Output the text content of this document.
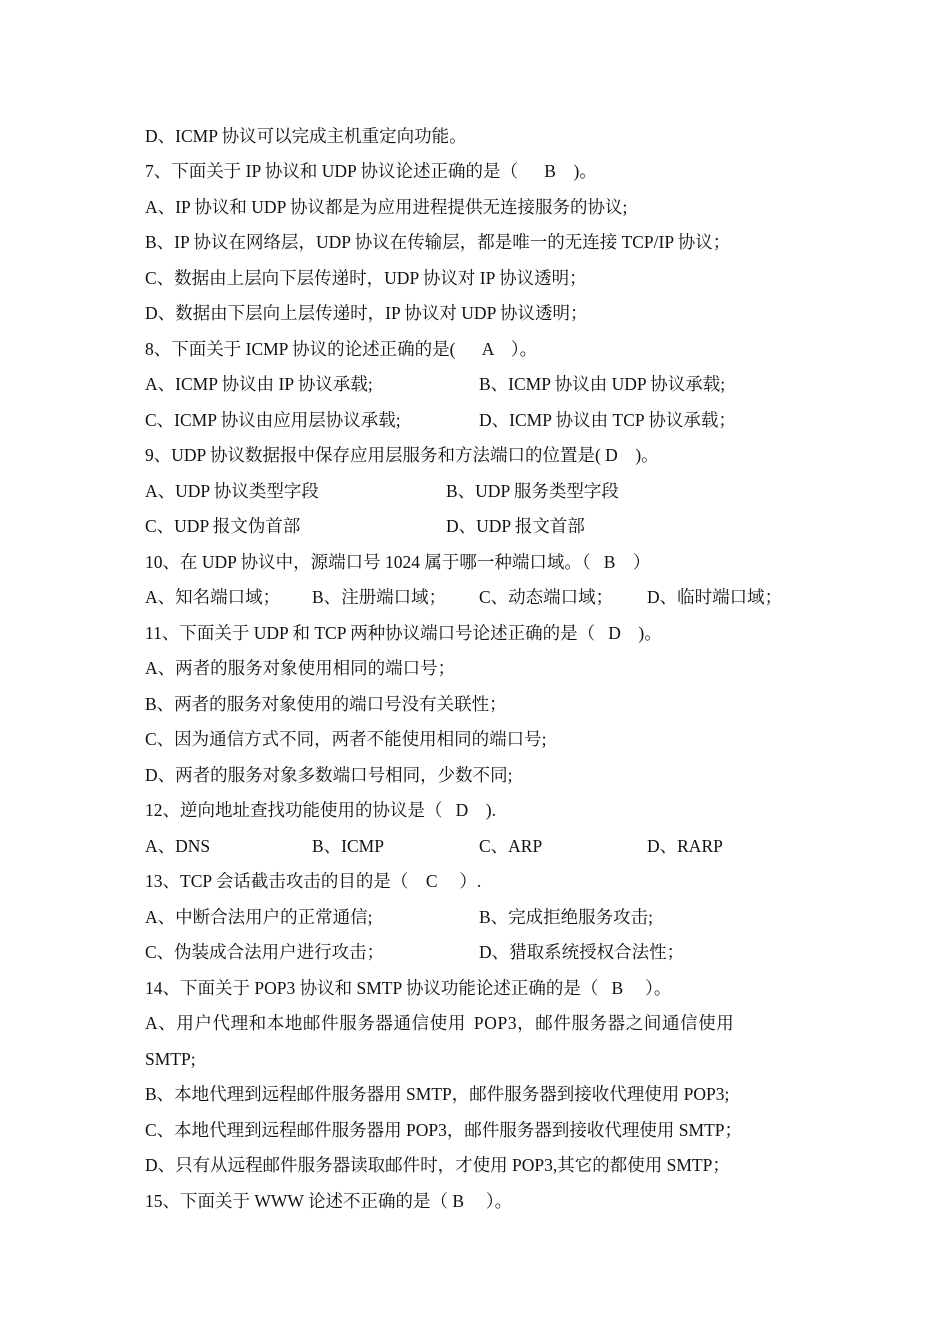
D、ICMP 协议可以完成主机重定向功能。
7、下面关于 IP 协议和 UDP 协议论述正确的是（      B    )。
A、IP 协议和 UDP 协议都是为应用进程提供无连接服务的协议;
B、IP 协议在网络层，UDP 协议在传输层，都是唯一的无连接 TCP/IP 协议；
C、数据由上层向下层传递时，UDP 协议对 IP 协议透明；
D、数据由下层向上层传递时，IP 协议对 UDP 协议透明；
8、下面关于 ICMP 协议的论述正确的是(      A    ）。

A、ICMP 协议由 IP 协议承载;

	B、ICMP 协议由 UDP 协议承载;

C、ICMP 协议由应用层协议承载;

	D、ICMP 协议由 TCP 协议承载；

9、UDP 协议数据报中保存应用层服务和方法端口的位置是( D    )。

A、UDP 协议类型字段

	B、UDP 服务类型字段

C、UDP 报文伪首部

	D、UDP 报文首部

10、在 UDP 协议中，源端口号 1024 属于哪一种端口域。（   B    ）

A、知名端口域；

B、注册端口域；

C、动态端口域；

D、临时端口域；

11、下面关于 UDP 和 TCP 两种协议端口号论述正确的是（   D    )。
A、两者的服务对象使用相同的端口号；
B、两者的服务对象使用的端口号没有关联性；
C、因为通信方式不同，两者不能使用相同的端口号;
D、两者的服务对象多数端口号相同，少数不同;
12、逆向地址查找功能使用的协议是（   D    ).

A、DNS

	B、ICMP

	C、ARP

	D、RARP

13、TCP 会话截击攻击的目的是（    C     ）.

A、中断合法用户的正常通信;

	B、完成拒绝服务攻击;

C、伪装成合法用户进行攻击；

	D、猎取系统授权合法性；

14、下面关于 POP3 协议和 SMTP 协议功能论述正确的是（   B     ）。
A、用户代理和本地邮件服务器通信使用 POP3，邮件服务器之间通信使用
SMTP;
B、本地代理到远程邮件服务器用 SMTP，邮件服务器到接收代理使用 POP3;
C、本地代理到远程邮件服务器用 POP3，邮件服务器到接收代理使用 SMTP；
D、只有从远程邮件服务器读取邮件时，才使用 POP3,其它的都使用 SMTP；
15、下面关于 WWW 论述不正确的是（ B     ）。
